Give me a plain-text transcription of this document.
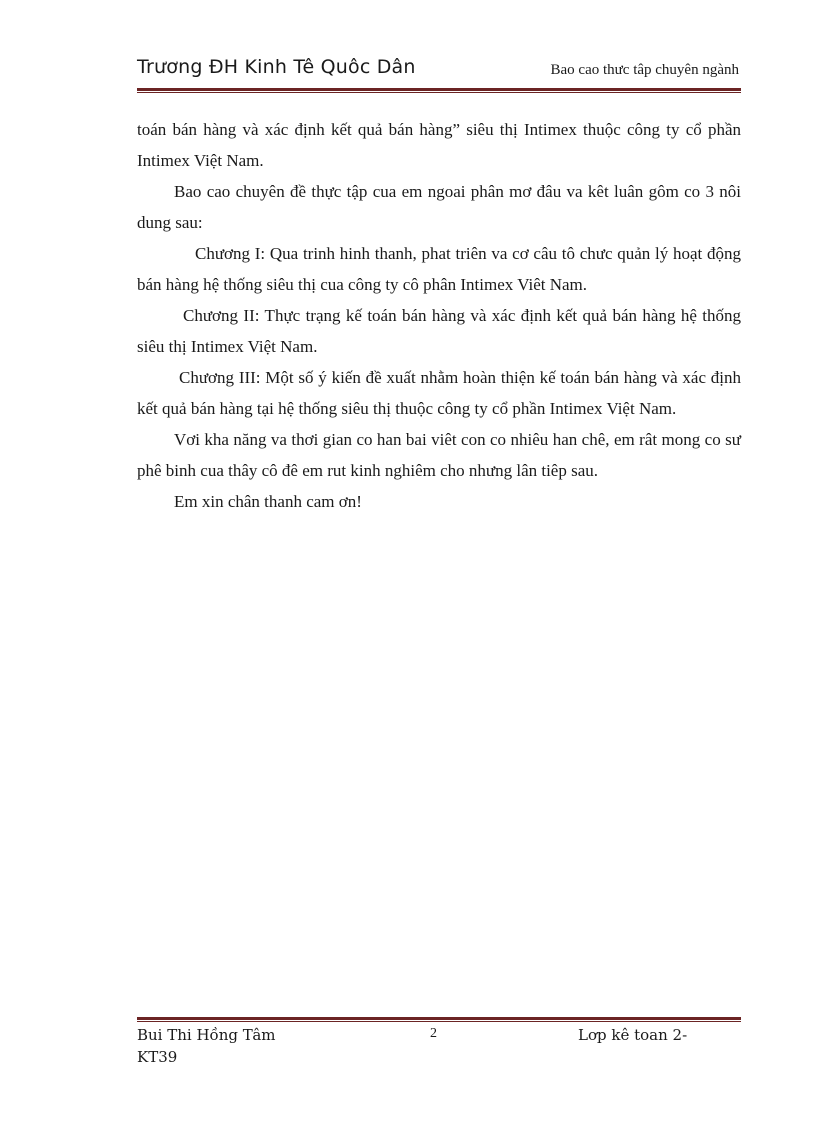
Trương ĐH Kinh Tê Quôc Dân	Bao cao thưc tâp chuyên ngành

toán bán hàng và xác định kết quả bán hàng” siêu thị Intimex thuộc công ty cổ phần Intimex Việt Nam.

Bao cao chuyên đề thực tập cua em ngoai phân mơ đâu va kêt luân gôm co 3 nôi dung sau:

Chương I: Qua trinh hinh thanh, phat triên va cơ câu tô chưc quản lý hoạt động bán hàng hệ thống siêu thị cua công ty cô phân Intimex Viêt Nam.

Chương II: Thực trạng kế toán bán hàng và xác định kết quả bán hàng hệ thống siêu thị Intimex Việt Nam.

Chương III: Một số ý kiến đề xuất nhằm hoàn thiện kế toán bán hàng và xác định kết quả bán hàng tại hệ thống siêu thị thuộc công ty cổ phần Intimex Việt Nam.

Vơi kha năng va thơi gian co han bai viêt con co nhiêu han chê, em rât mong co sư phê binh cua thây cô đê em rut kinh nghiêm cho nhưng lân tiêp sau.

Em xin chân thanh cam ơn!

Bui Thi Hồng Tâm
KT39
2	Lơp kê toan 2-
